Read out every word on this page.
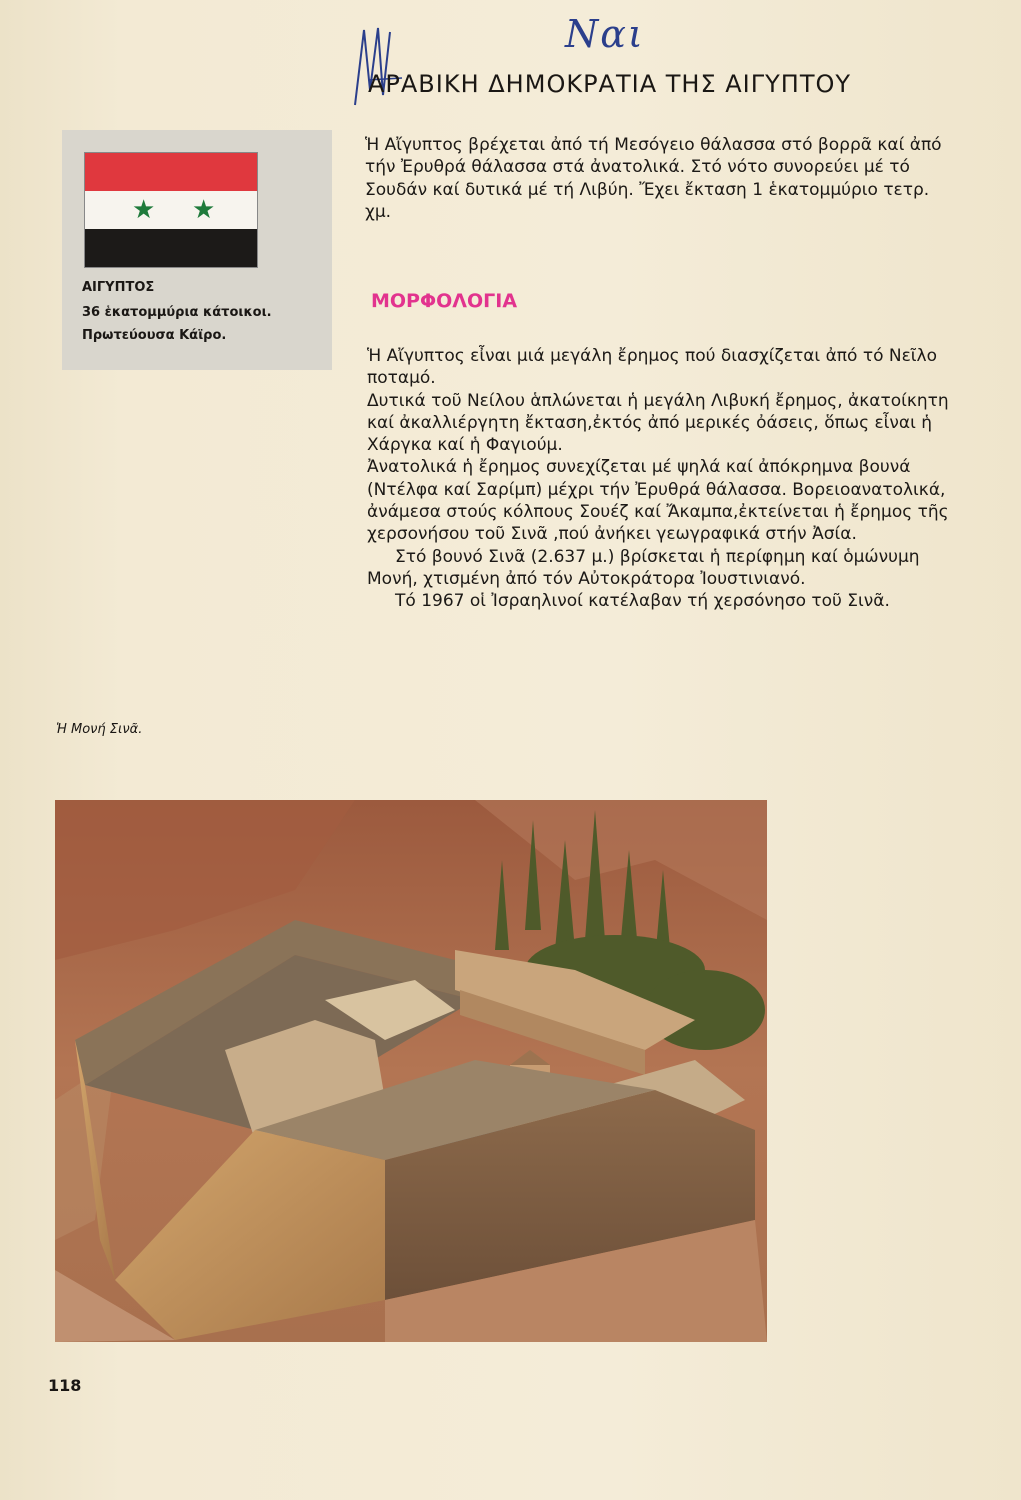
Nαι
ΑΡΑΒΙΚΗ ΔΗΜΟΚΡΑΤΙΑ ΤΗΣ ΑΙΓΥΠΤΟΥ
★ ★
ΑΙΓΥΠΤΟΣ
36 ἑκατομμύρια κάτοικοι.
Πρωτεύουσα Κάϊρο.
Ἡ Αἴγυπτος βρέχεται ἀπό τή Μεσόγειο θάλασσα στό βορρᾶ καί ἀπό τήν Ἐρυθρά θάλασσα στά ἀνατολικά. Στό νότο συνορεύει μέ τό Σουδάν καί δυτικά μέ τή Λιβύη. Ἔχει ἔκταση 1 ἑκατομμύριο τετρ. χμ.
ΜΟΡΦΟΛΟΓΙΑ

Ἡ Αἴγυπτος εἶναι μιά μεγάλη ἔρημος πού διασχίζεται ἀπό τό Νεῖλο ποταμό.

Δυτικά τοῦ Νείλου ἁπλώνεται ἡ μεγάλη Λιβυκή ἔρημος, ἀκατοίκητη καί ἀκαλλιέργητη ἔκταση,ἐκτός ἀπό μερικές ὀάσεις, ὅπως εἶναι ἡ Χάργκα καί ἡ Φαγιούμ.

Ἀνατολικά ἡ ἔρημος συνεχίζεται μέ ψηλά καί ἀπόκρημνα βουνά (Ντέλφα καί Σαρίμπ) μέχρι τήν Ἐρυθρά θάλασσα. Βορειοανατολικά, ἀνάμεσα στούς κόλπους Σουέζ καί Ἄκαμπα,ἐκτείνεται ἡ ἔρημος τῆς χερσονήσου τοῦ Σινᾶ ,πού ἀνήκει γεωγραφικά στήν Ἀσία.

Στό βουνό Σινᾶ (2.637 μ.) βρίσκεται ἡ περίφημη καί ὁμώνυμη Μονή, χτισμένη ἀπό τόν Αὐτοκράτορα Ἰουστινιανό.

Τό 1967 οἱ Ἰσραηλινοί κατέλαβαν τή χερσόνησο τοῦ Σινᾶ.

Ἡ Μονή Σινᾶ.
118
